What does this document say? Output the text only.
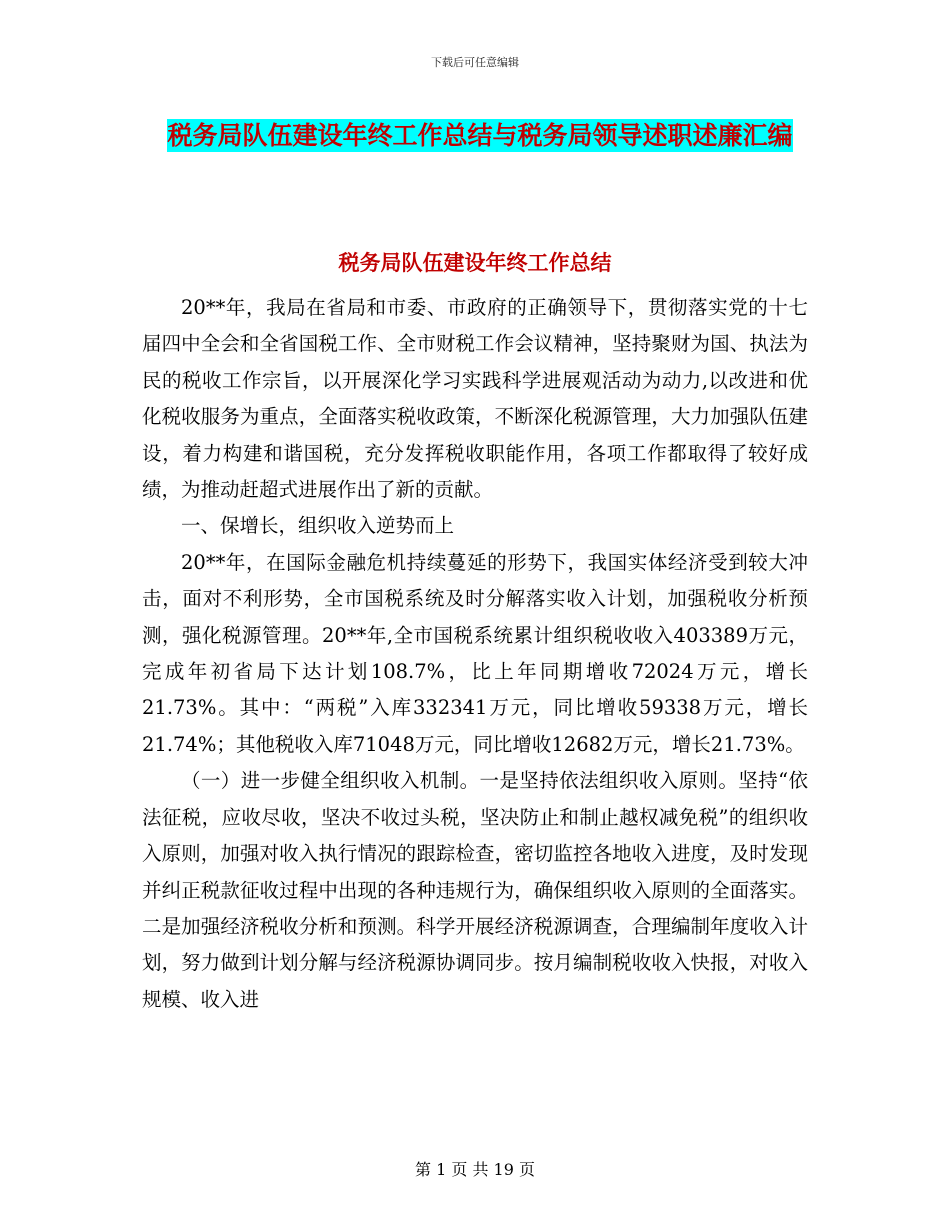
下载后可任意编辑
税务局队伍建设年终工作总结与税务局领导述职述廉汇编
税务局队伍建设年终工作总结

20**年，我局在省局和市委、市政府的正确领导下，贯彻落实党的十七届四中全会和全省国税工作、全市财税工作会议精神，坚持聚财为国、执法为民的税收工作宗旨，以开展深化学习实践科学进展观活动为动力,以改进和优化税收服务为重点，全面落实税收政策，不断深化税源管理，大力加强队伍建设，着力构建和谐国税，充分发挥税收职能作用，各项工作都取得了较好成绩，为推动赶超式进展作出了新的贡献。

一、保增长，组织收入逆势而上

20**年，在国际金融危机持续蔓延的形势下，我国实体经济受到较大冲击，面对不利形势，全市国税系统及时分解落实收入计划，加强税收分析预测，强化税源管理。20**年,全市国税系统累计组织税收收入403389万元，完成年初省局下达计划108.7%，比上年同期增收72024万元，增长21.73%。其中：“两税”入库332341万元，同比增收59338万元，增长21.74%；其他税收入库71048万元，同比增收12682万元，增长21.73%。

（一）进一步健全组织收入机制。一是坚持依法组织收入原则。坚持“依法征税，应收尽收，坚决不收过头税，坚决防止和制止越权减免税”的组织收入原则，加强对收入执行情况的跟踪检查，密切监控各地收入进度，及时发现并纠正税款征收过程中出现的各种违规行为，确保组织收入原则的全面落实。二是加强经济税收分析和预测。科学开展经济税源调查，合理编制年度收入计划，努力做到计划分解与经济税源协调同步。按月编制税收收入快报，对收入规模、收入进

第 1 页 共 19 页
